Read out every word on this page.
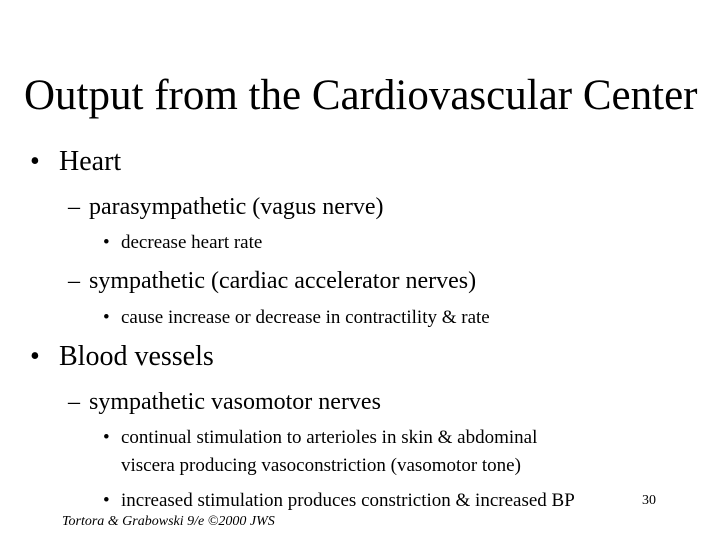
Output from the Cardiovascular Center
• Heart
– parasympathetic (vagus nerve)
• decrease heart rate
– sympathetic (cardiac accelerator nerves)
• cause increase or decrease in contractility & rate
• Blood vessels
– sympathetic vasomotor nerves
• continual stimulation to arterioles in skin & abdominal
viscera producing vasoconstriction (vasomotor tone)
• increased stimulation produces constriction & increased BP	30
Tortora & Grabowski 9/e ©2000 JWS
